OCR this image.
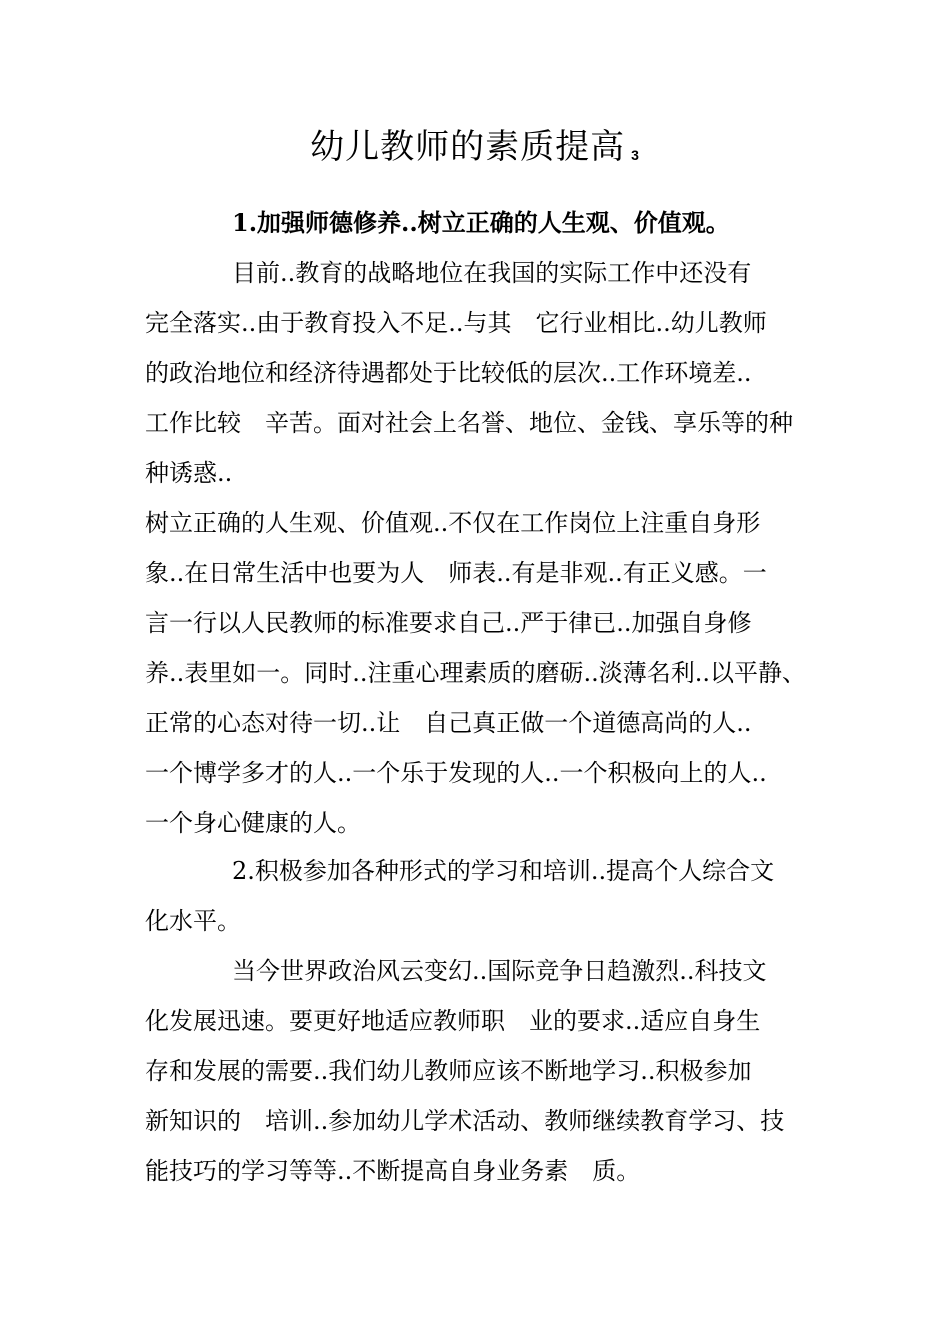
幼儿教师的素质提高 3
1.加强师德修养..树立正确的人生观、价值观。
目前..教育的战略地位在我国的实际工作中还没有
完全落实..由于教育投入不足..与其　它行业相比..幼儿教师
的政治地位和经济待遇都处于比较低的层次..工作环境差..
工作比较　辛苦。面对社会上名誉、地位、金钱、享乐等的种
种诱惑..
树立正确的人生观、价值观..不仅在工作岗位上注重自身形
象..在日常生活中也要为人　师表..有是非观..有正义感。一
言一行以人民教师的标准要求自己..严于律已..加强自身修
养..表里如一。同时..注重心理素质的磨砺..淡薄名利..以平静、
正常的心态对待一切..让　自己真正做一个道德高尚的人..
一个博学多才的人..一个乐于发现的人..一个积极向上的人..
一个身心健康的人。
2.积极参加各种形式的学习和培训..提高个人综合文
化水平。
当今世界政治风云变幻..国际竞争日趋激烈..科技文
化发展迅速。要更好地适应教师职　业的要求..适应自身生
存和发展的需要..我们幼儿教师应该不断地学习..积极参加
新知识的　培训..参加幼儿学术活动、教师继续教育学习、技
能技巧的学习等等..不断提高自身业务素　质。
